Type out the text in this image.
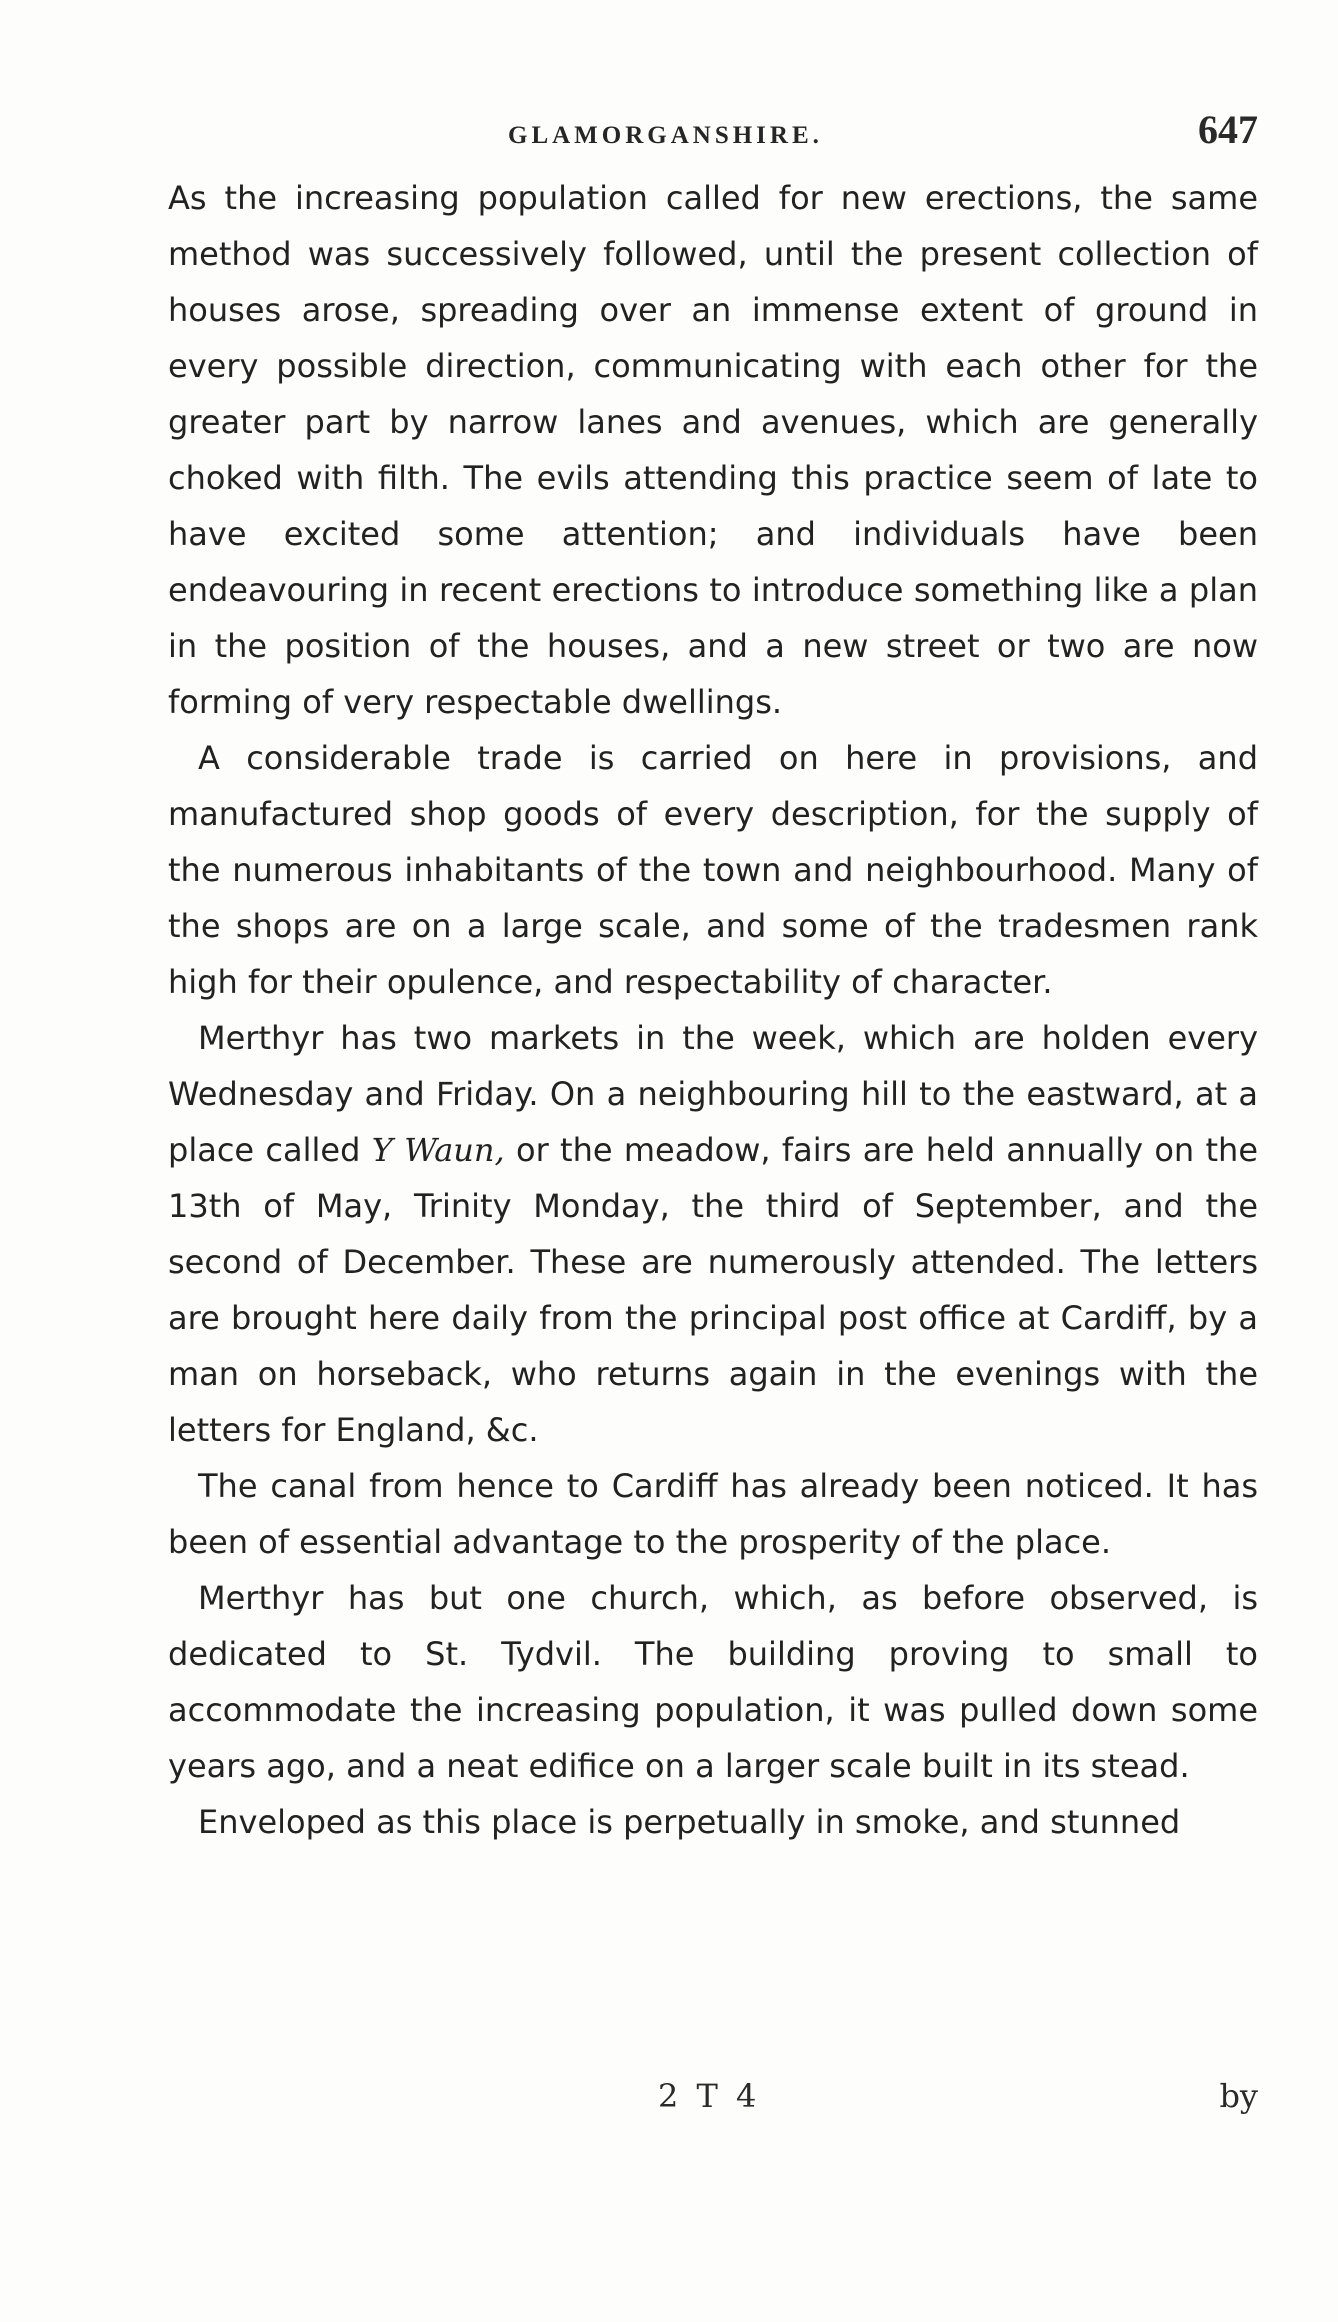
GLAMORGANSHIRE.	647

As the increasing population called for new erections, the same method was successively followed, until the present collection of houses arose, spreading over an immense extent of ground in every possible direction, communicating with each other for the greater part by narrow lanes and avenues, which are generally choked with filth. The evils attending this practice seem of late to have excited some attention; and individuals have been endeavouring in recent erections to introduce something like a plan in the position of the houses, and a new street or two are now forming of very respectable dwellings.

A considerable trade is carried on here in provisions, and manufactured shop goods of every description, for the supply of the numerous inhabitants of the town and neighbourhood. Many of the shops are on a large scale, and some of the tradesmen rank high for their opulence, and respectability of character.

Merthyr has two markets in the week, which are holden every Wednesday and Friday. On a neighbouring hill to the eastward, at a place called Y Waun, or the meadow, fairs are held annually on the 13th of May, Trinity Monday, the third of September, and the second of December. These are numerously attended. The letters are brought here daily from the principal post office at Cardiff, by a man on horseback, who returns again in the evenings with the letters for England, &c.

The canal from hence to Cardiff has already been noticed. It has been of essential advantage to the prosperity of the place.

Merthyr has but one church, which, as before observed, is dedicated to St. Tydvil. The building proving to small to accommodate the increasing population, it was pulled down some years ago, and a neat edifice on a larger scale built in its stead.

Enveloped as this place is perpetually in smoke, and stunned

2 T 4	by
